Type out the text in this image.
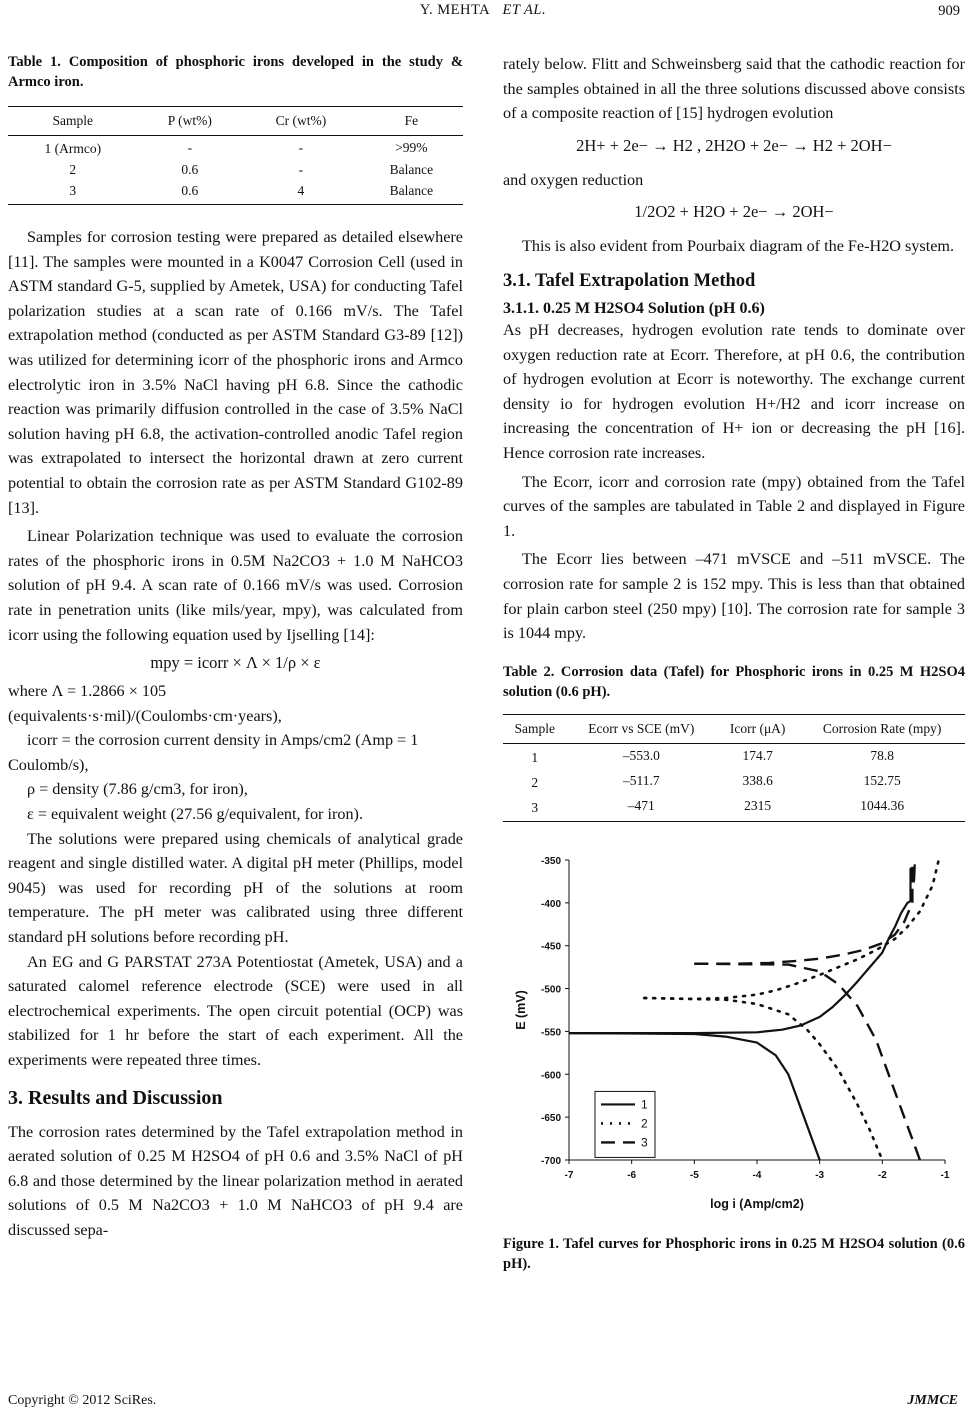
Y. MEHTA ET AL.	909
Table 1. Composition of phosphoric irons developed in the study & Armco iron.
Sample	P (wt%)	Cr (wt%)	Fe
1 (Armco)	-	-	>99%
2	0.6	-	Balance
3	0.6	4	Balance

Samples for corrosion testing were prepared as detailed elsewhere [11]. The samples were mounted in a K0047 Corrosion Cell (used in ASTM standard G-5, supplied by Ametek, USA) for conducting Tafel polarization studies at a scan rate of 0.166 mV/s. The Tafel extrapolation method (conducted as per ASTM Standard G3-89 [12]) was utilized for determining icorr of the phosphoric irons and Armco electrolytic iron in 3.5% NaCl having pH 6.8. Since the cathodic reaction was primarily diffusion controlled in the case of 3.5% NaCl solution having pH 6.8, the activation-controlled anodic Tafel region was extrapolated to intersect the horizontal drawn at zero current potential to obtain the corrosion rate as per ASTM Standard G102-89 [13].

Linear Polarization technique was used to evaluate the corrosion rates of the phosphoric irons in 0.5M Na2CO3 + 1.0 M NaHCO3 solution of pH 9.4. A scan rate of 0.166 mV/s was used. Corrosion rate in penetration units (like mils/year, mpy), was calculated from icorr using the following equation used by Ijselling [14]:

mpy = icorr × Λ × 1/ρ × ε

where Λ = 1.2866 × 105

(equivalents·s·mil)/(Coulombs·cm·years),

icorr = the corrosion current density in Amps/cm2 (Amp = 1 Coulomb/s),

ρ = density (7.86 g/cm3, for iron),

ε = equivalent weight (27.56 g/equivalent, for iron).

The solutions were prepared using chemicals of analytical grade reagent and single distilled water. A digital pH meter (Phillips, model 9045) was used for recording pH of the solutions at room temperature. The pH meter was calibrated using three different standard pH solutions before recording pH.

An EG and G PARSTAT 273A Potentiostat (Ametek, USA) and a saturated calomel reference electrode (SCE) were used in all electrochemical experiments. The open circuit potential (OCP) was stabilized for 1 hr before the start of each experiment. All the experiments were repeated three times.

3. Results and Discussion

The corrosion rates determined by the Tafel extrapolation method in aerated solution of 0.25 M H2SO4 of pH 0.6 and 3.5% NaCl of pH 6.8 and those determined by the linear polarization method in aerated solutions of 0.5 M Na2CO3 + 1.0 M NaHCO3 of pH 9.4 are discussed sepa-

rately below. Flitt and Schweinsberg said that the cathodic reaction for the samples obtained in all the three solutions discussed above consists of a composite reaction of [15] hydrogen evolution

2H+ + 2e− → H2 , 2H2O + 2e− → H2 + 2OH−

and oxygen reduction

1/2O2 + H2O + 2e− → 2OH−

This is also evident from Pourbaix diagram of the Fe-H2O system.

3.1. Tafel Extrapolation Method
3.1.1. 0.25 M H2SO4 Solution (pH 0.6)

As pH decreases, hydrogen evolution rate tends to dominate over oxygen reduction rate at Ecorr. Therefore, at pH 0.6, the contribution of hydrogen evolution at Ecorr is noteworthy. The exchange current density io for hydrogen evolution H+/H2 and icorr increase on increasing the concentration of H+ ion or decreasing the pH [16]. Hence corrosion rate increases.

The Ecorr, icorr and corrosion rate (mpy) obtained from the Tafel curves of the samples are tabulated in Table 2 and displayed in Figure 1.

The Ecorr lies between –471 mVSCE and –511 mVSCE. The corrosion rate for sample 2 is 152 mpy. This is less than that obtained for plain carbon steel (250 mpy) [10]. The corrosion rate for sample 3 is 1044 mpy.

Table 2. Corrosion data (Tafel) for Phosphoric irons in 0.25 M H2SO4 solution (0.6 pH).
Sample	Ecorr vs SCE (mV)	Icorr (μA)	Corrosion Rate (mpy)
1	–553.0	174.7	78.8
2	–511.7	338.6	152.75
3	–471	2315	1044.36
-350
-400
-450
-500
-550
-600
-650
-700
-7	-6	-5	-4	-3	-2	-1
log i (Amp/cm2)
E (mV)
1
2
3
Figure 1. Tafel curves for Phosphoric irons in 0.25 M H2SO4 solution (0.6 pH).
Copyright © 2012 SciRes.	JMMCE
